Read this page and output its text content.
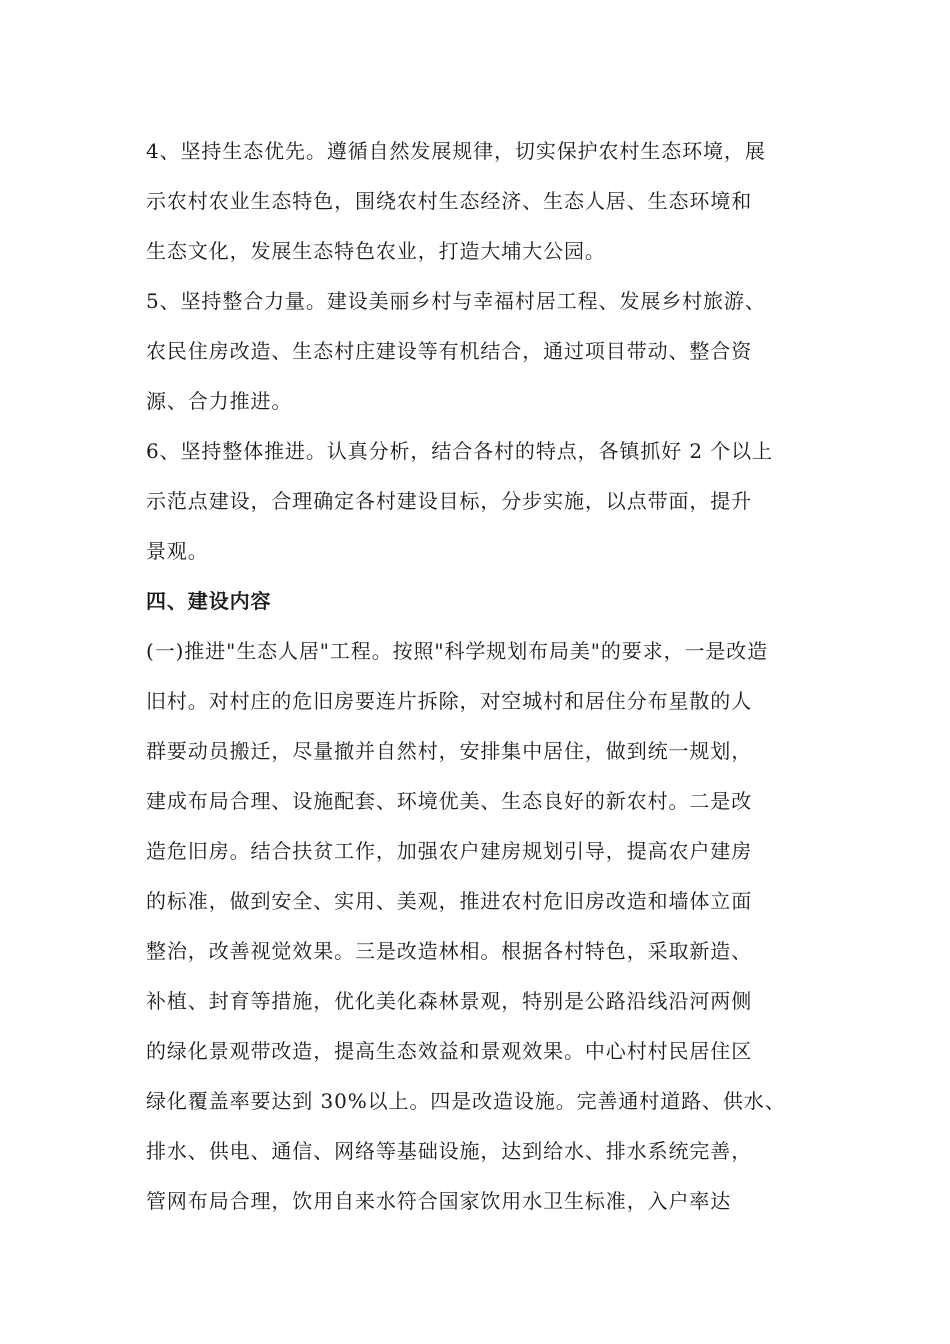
4、坚持生态优先。遵循自然发展规律，切实保护农村生态环境，展
示农村农业生态特色，围绕农村生态经济、生态人居、生态环境和
生态文化，发展生态特色农业，打造大埔大公园。
5、坚持整合力量。建设美丽乡村与幸福村居工程、发展乡村旅游、
农民住房改造、生态村庄建设等有机结合，通过项目带动、整合资
源、合力推进。
6、坚持整体推进。认真分析，结合各村的特点，各镇抓好 2 个以上
示范点建设，合理确定各村建设目标，分步实施，以点带面，提升
景观。
四、建设内容
(一)推进"生态人居"工程。按照"科学规划布局美"的要求，一是改造
旧村。对村庄的危旧房要连片拆除，对空城村和居住分布星散的人
群要动员搬迁，尽量撤并自然村，安排集中居住，做到统一规划，
建成布局合理、设施配套、环境优美、生态良好的新农村。二是改
造危旧房。结合扶贫工作，加强农户建房规划引导，提高农户建房
的标准，做到安全、实用、美观，推进农村危旧房改造和墙体立面
整治，改善视觉效果。三是改造林相。根据各村特色，采取新造、
补植、封育等措施，优化美化森林景观，特别是公路沿线沿河两侧
的绿化景观带改造，提高生态效益和景观效果。中心村村民居住区
绿化覆盖率要达到 30%以上。四是改造设施。完善通村道路、供水、
排水、供电、通信、网络等基础设施，达到给水、排水系统完善，
管网布局合理，饮用自来水符合国家饮用水卫生标准，入户率达
